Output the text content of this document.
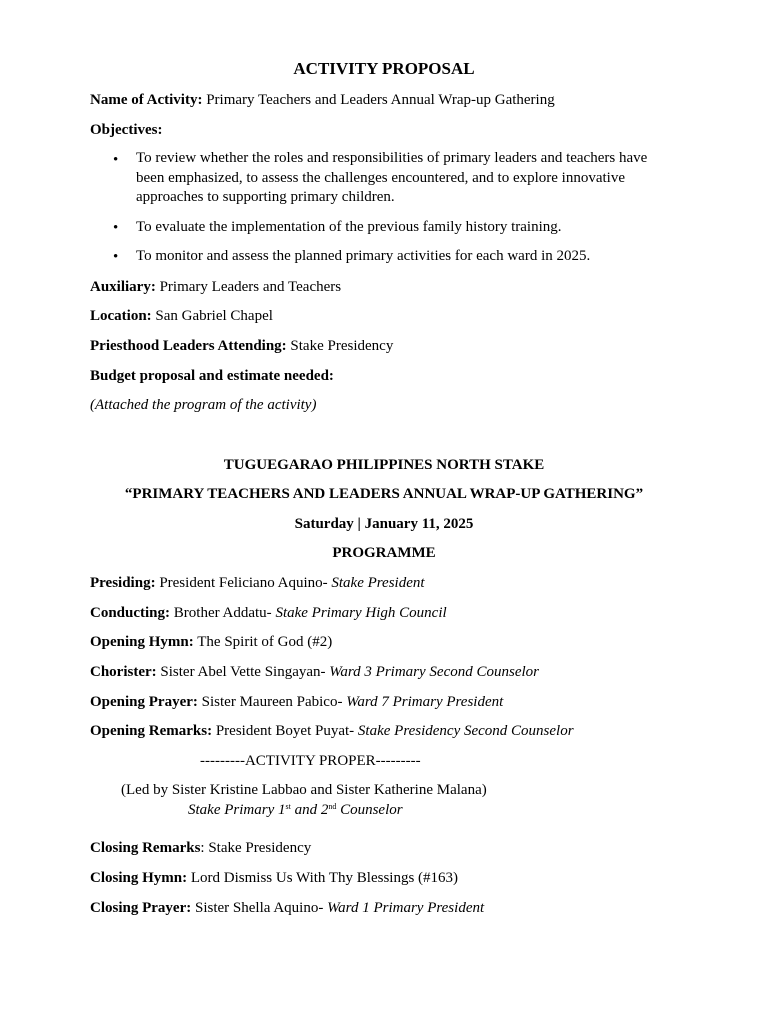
ACTIVITY PROPOSAL
Name of Activity: Primary Teachers and Leaders Annual Wrap-up Gathering
Objectives:
• To review whether the roles and responsibilities of primary leaders and teachers have been emphasized, to assess the challenges encountered, and to explore innovative approaches to supporting primary children.
• To evaluate the implementation of the previous family history training.
• To monitor and assess the planned primary activities for each ward in 2025.
Auxiliary: Primary Leaders and Teachers
Location: San Gabriel Chapel
Priesthood Leaders Attending: Stake Presidency
Budget proposal and estimate needed:
(Attached the program of the activity)
TUGUEGARAO PHILIPPINES NORTH STAKE
“PRIMARY TEACHERS AND LEADERS ANNUAL WRAP-UP GATHERING”
Saturday | January 11, 2025
PROGRAMME
Presiding: President Feliciano Aquino- Stake President
Conducting: Brother Addatu- Stake Primary High Council
Opening Hymn: The Spirit of God (#2)
Chorister: Sister Abel Vette Singayan- Ward 3 Primary Second Counselor
Opening Prayer: Sister Maureen Pabico- Ward 7 Primary President
Opening Remarks: President Boyet Puyat- Stake Presidency Second Counselor
---------ACTIVITY PROPER---------
(Led by Sister Kristine Labbao and Sister Katherine Malana)
Stake Primary 1st and 2nd Counselor
Closing Remarks: Stake Presidency
Closing Hymn: Lord Dismiss Us With Thy Blessings (#163)
Closing Prayer: Sister Shella Aquino- Ward 1 Primary President
